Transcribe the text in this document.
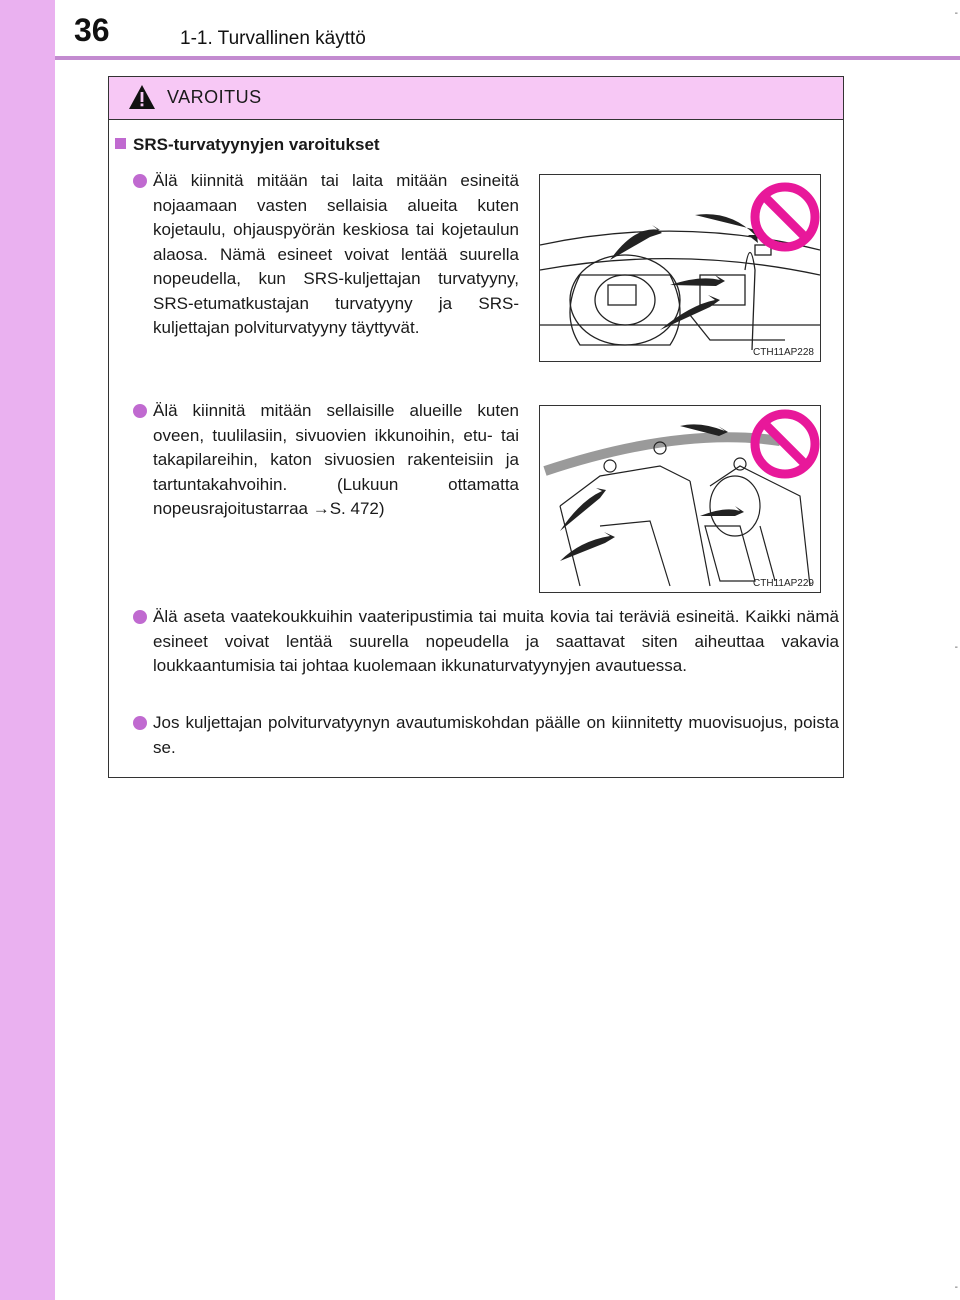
36	1-1. Turvallinen käyttö
-
-
-
VAROITUS
SRS-turvatyynyjen varoitukset
Älä kiinnitä mitään tai laita mitään esineitä nojaamaan vasten sellaisia alueita kuten kojetaulu, ohjauspyörän keskiosa tai kojetaulun alaosa. Nämä esineet voivat lentää suurella nopeudella, kun SRS-kuljettajan turvatyyny, SRS-etumatkustajan turvatyyny ja SRS-kuljettajan polviturvatyyny täyttyvät.
CTH11AP228
Älä kiinnitä mitään sellaisille alueille kuten oveen, tuulilasiin, sivuovien ikkunoihin, etu- tai takapilareihin, katon sivuosien rakenteisiin ja tartuntakahvoihin. (Lukuun ottamatta nopeusrajoitustarraa →S. 472)
CTH11AP229
Älä aseta vaatekoukkuihin vaateripustimia tai muita kovia tai teräviä esineitä. Kaikki nämä esineet voivat lentää suurella nopeudella ja saattavat siten aiheuttaa vakavia loukkaantumisia tai johtaa kuolemaan ikkunaturvatyynyjen avautuessa.
Jos kuljettajan polviturvatyynyn avautumiskohdan päälle on kiinnitetty muovisuojus, poista se.
